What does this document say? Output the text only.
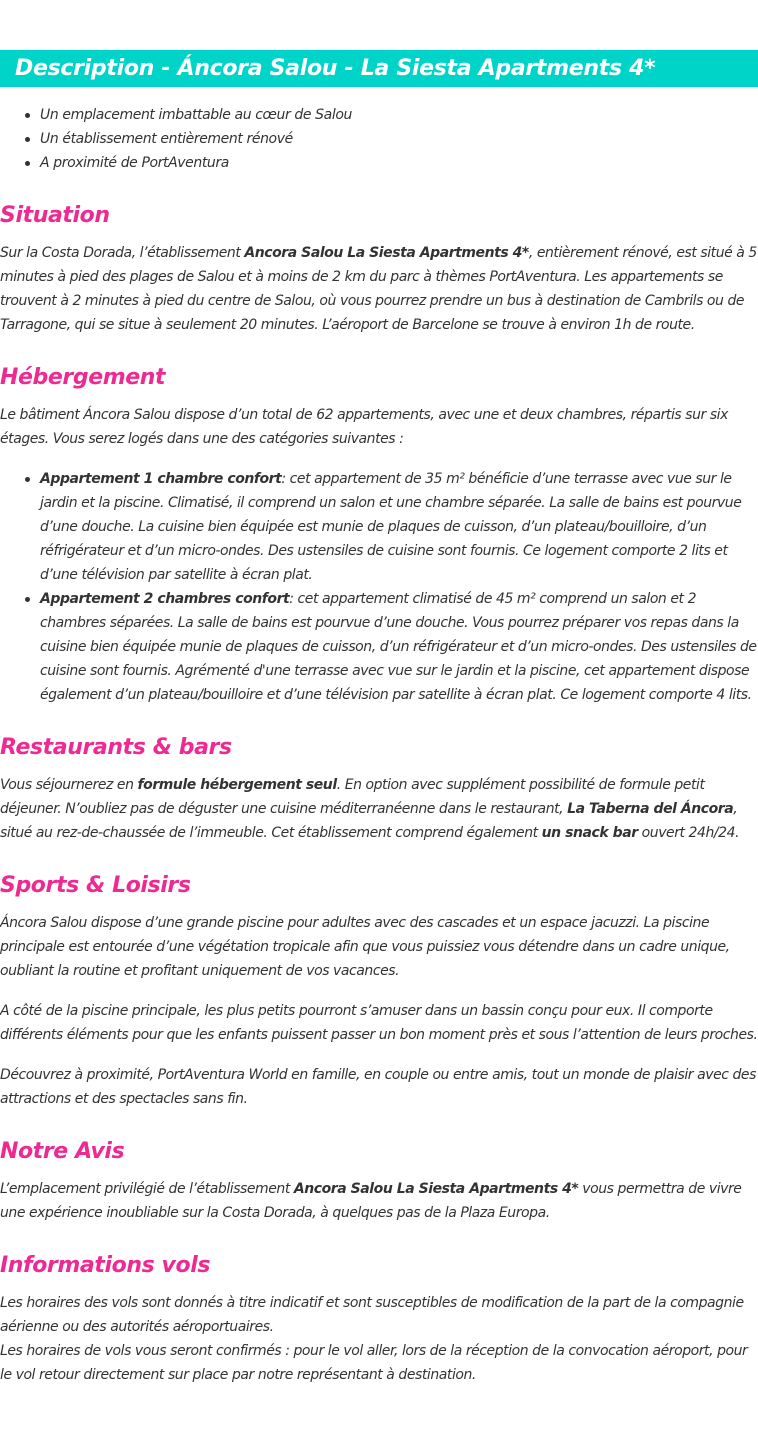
Description - Áncora Salou - La Siesta Apartments 4*
Un emplacement imbattable au cœur de Salou
Un établissement entièrement rénové
A proximité de PortAventura
Situation

Sur la Costa Dorada, l’établissement Ancora Salou La Siesta Apartments 4*, entièrement rénové, est situé à 5 minutes à pied des plages de Salou et à moins de 2 km du parc à thèmes PortAventura. Les appartements se trouvent à 2 minutes à pied du centre de Salou, où vous pourrez prendre un bus à destination de Cambrils ou de Tarragone, qui se situe à seulement 20 minutes. L’aéroport de Barcelone se trouve à environ 1h de route.

Hébergement

Le bâtiment Áncora Salou dispose d’un total de 62 appartements, avec une et deux chambres, répartis sur six étages. Vous serez logés dans une des catégories suivantes :

Appartement 1 chambre confort: cet appartement de 35 m² bénéficie d’une terrasse avec vue sur le jardin et la piscine. Climatisé, il comprend un salon et une chambre séparée. La salle de bains est pourvue d’une douche. La cuisine bien équipée est munie de plaques de cuisson, d’un plateau/bouilloire, d’un réfrigérateur et d’un micro-ondes. Des ustensiles de cuisine sont fournis. Ce logement comporte 2 lits et d’une télévision par satellite à écran plat.
Appartement 2 chambres confort: cet appartement climatisé de 45 m² comprend un salon et 2 chambres séparées. La salle de bains est pourvue d’une douche. Vous pourrez préparer vos repas dans la cuisine bien équipée munie de plaques de cuisson, d’un réfrigérateur et d’un micro-ondes. Des ustensiles de cuisine sont fournis. Agrémenté d'une terrasse avec vue sur le jardin et la piscine, cet appartement dispose également d’un plateau/bouilloire et d’une télévision par satellite à écran plat. Ce logement comporte 4 lits.
Restaurants & bars

Vous séjournerez en formule hébergement seul. En option avec supplément possibilité de formule petit déjeuner. N’oubliez pas de déguster une cuisine méditerranéenne dans le restaurant, La Taberna del Áncora, situé au rez-de-chaussée de l’immeuble. Cet établissement comprend également un snack bar ouvert 24h/24.

Sports & Loisirs

Áncora Salou dispose d’une grande piscine pour adultes avec des cascades et un espace jacuzzi. La piscine principale est entourée d’une végétation tropicale afin que vous puissiez vous détendre dans un cadre unique, oubliant la routine et profitant uniquement de vos vacances.

A côté de la piscine principale, les plus petits pourront s’amuser dans un bassin conçu pour eux. Il comporte différents éléments pour que les enfants puissent passer un bon moment près et sous l’attention de leurs proches.

Découvrez à proximité, PortAventura World en famille, en couple ou entre amis, tout un monde de plaisir avec des attractions et des spectacles sans fin.

Notre Avis

L’emplacement privilégié de l’établissement Ancora Salou La Siesta Apartments 4* vous permettra de vivre une expérience inoubliable sur la Costa Dorada, à quelques pas de la Plaza Europa.

Informations vols

Les horaires des vols sont donnés à titre indicatif et sont susceptibles de modification de la part de la compagnie aérienne ou des autorités aéroportuaires.

Les horaires de vols vous seront confirmés : pour le vol aller, lors de la réception de la convocation aéroport, pour le vol retour directement sur place par notre représentant à destination.
